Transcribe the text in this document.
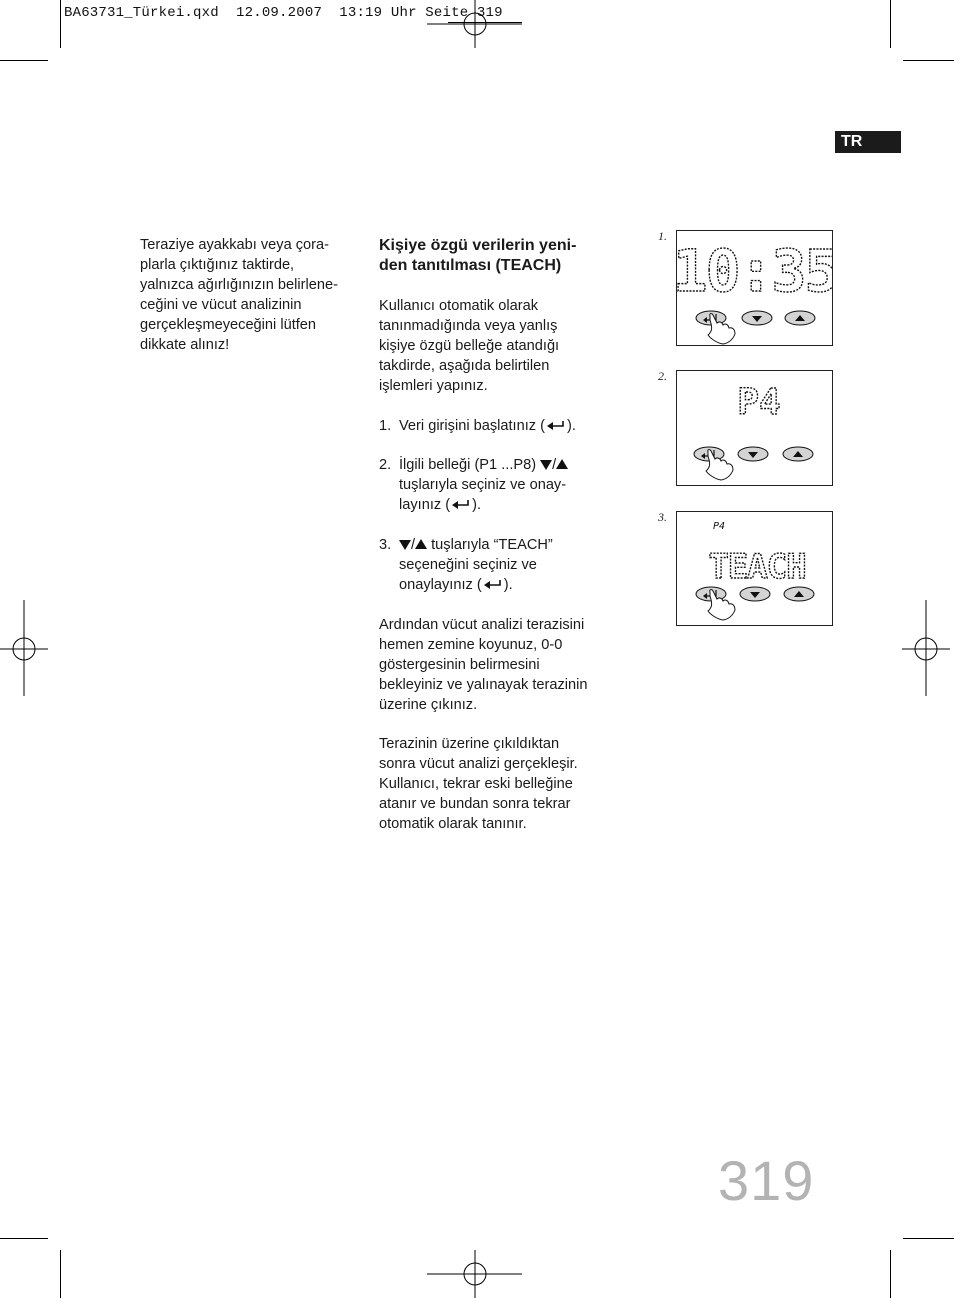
BA63731_Türkei.qxd 12.09.2007 13:19 Uhr Seite 319
TR
Teraziye ayakkabı veya çora-
plarla çıktığınız taktirde,
yalnızca ağırlığınızın belirlene-
ceğini ve vücut analizinin
gerçekleşmeyeceğini lütfen
dikkate alınız!
Kişiye özgü verilerin yeni-
den tanıtılması (TEACH)
Kullanıcı otomatik olarak
tanınmadığında veya yanlış
kişiye özgü belleğe atandığı
takdirde, aşağıda belirtilen
işlemleri yapınız.
1. Veri girişini başlatınız ( ).
2. İlgili belleği (P1 ...P8) /
tuşlarıyla seçiniz ve onay-
layınız ( ).
3.	/ tuşlarıyla “TEACH”
seçeneğini seçiniz ve
onaylayınız ( ).
Ardından vücut analizi terazisini
hemen zemine koyunuz, 0-0
göstergesinin belirmesini
bekleyiniz ve yalınayak terazinin
üzerine çıkınız.
Terazinin üzerine çıkıldıktan
sonra vücut analizi gerçekleşir.
Kullanıcı, tekrar eski belleğine
atanır ve bundan sonra tekrar
otomatik olarak tanınır.
1.
10:35
2.
P4
3.
P4
TEACH
319
